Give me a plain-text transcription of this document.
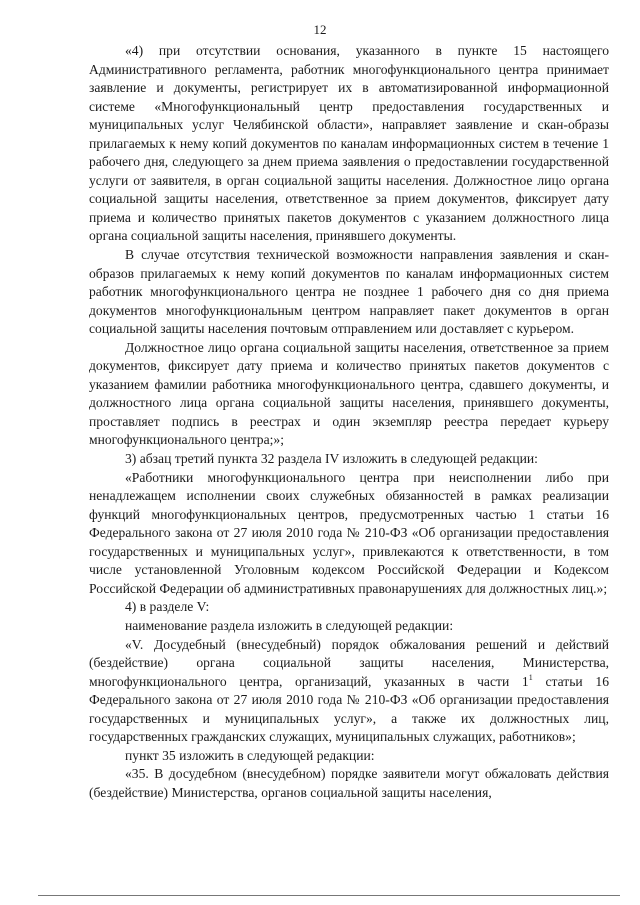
12

«4) при отсутствии основания, указанного в пункте 15 настоящего Административного регламента, работник многофункционального центра принимает заявление и документы, регистрирует их в автоматизированной информационной системе «Многофункциональный центр предоставления государственных и муниципальных услуг Челябинской области», направляет заявление и скан-образы прилагаемых к нему копий документов по каналам информационных систем в течение 1 рабочего дня, следующего за днем приема заявления о предоставлении государственной услуги от заявителя, в орган социальной защиты населения. Должностное лицо органа социальной защиты населения, ответственное за прием документов, фиксирует дату приема и количество принятых пакетов документов с указанием должностного лица органа социальной защиты населения, принявшего документы.

В случае отсутствия технической возможности направления заявления и скан-образов прилагаемых к нему копий документов по каналам информационных систем работник многофункционального центра не позднее 1 рабочего дня со дня приема документов многофункциональным центром направляет пакет документов в орган социальной защиты населения почтовым отправлением или доставляет с курьером.

Должностное лицо органа социальной защиты населения, ответственное за прием документов, фиксирует дату приема и количество принятых пакетов документов с указанием фамилии работника многофункционального центра, сдавшего документы, и должностного лица органа социальной защиты населения, принявшего документы, проставляет подпись в реестрах и один экземпляр реестра передает курьеру многофункционального центра;»;

3) абзац третий пункта 32 раздела IV изложить в следующей редакции:

«Работники многофункционального центра при неисполнении либо при ненадлежащем исполнении своих служебных обязанностей в рамках реализации функций многофункциональных центров, предусмотренных частью 1 статьи 16 Федерального закона от 27 июля 2010 года № 210-ФЗ «Об организации предоставления государственных и муниципальных услуг», привлекаются к ответственности, в том числе установленной Уголовным кодексом Российской Федерации и Кодексом Российской Федерации об административных правонарушениях для должностных лиц.»;

4) в разделе V:

наименование раздела изложить в следующей редакции:

«V. Досудебный (внесудебный) порядок обжалования решений и действий (бездействие) органа социальной защиты населения, Министерства, многофункционального центра, организаций, указанных в части $1^1$ статьи 16 Федерального закона от 27 июля 2010 года № 210-ФЗ «Об организации предоставления государственных и муниципальных услуг», а также их должностных лиц, государственных гражданских служащих, муниципальных служащих, работников»;

пункт 35 изложить в следующей редакции:

«35. В досудебном (внесудебном) порядке заявители могут обжаловать действия (бездействие) Министерства, органов социальной защиты населения,
